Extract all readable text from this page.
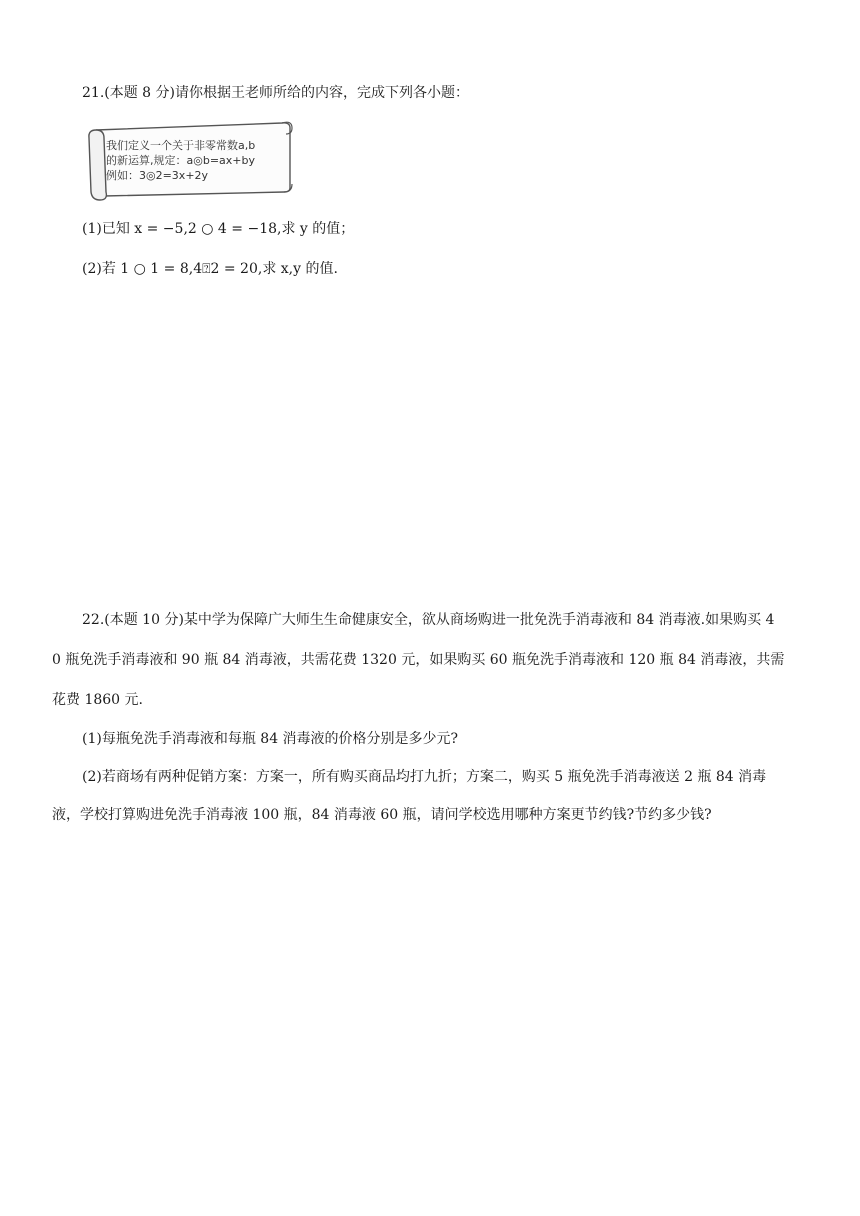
21.(本题 8 分)请你根据王老师所给的内容，完成下列各小题：
我们定义一个关于非零常数a,b
的新运算,规定：a◎b=ax+by
例如：3◎2=3x+2y
(1)已知 x = −5,2 ○ 4 = −18,求 y 的值；
(2)若 1 ○ 1 = 8,4⍰2 = 20,求 x,y 的值.
22.(本题 10 分)某中学为保障广大师生生命健康安全，欲从商场购进一批免洗手消毒液和 84 消毒液.如果购买 4
0 瓶免洗手消毒液和 90 瓶 84 消毒液，共需花费 1320 元，如果购买 60 瓶免洗手消毒液和 120 瓶 84 消毒液，共需
花费 1860 元.
(1)每瓶免洗手消毒液和每瓶 84 消毒液的价格分别是多少元?
(2)若商场有两种促销方案：方案一，所有购买商品均打九折；方案二，购买 5 瓶免洗手消毒液送 2 瓶 84 消毒
液，学校打算购进免洗手消毒液 100 瓶，84 消毒液 60 瓶，请问学校选用哪种方案更节约钱?节约多少钱?
